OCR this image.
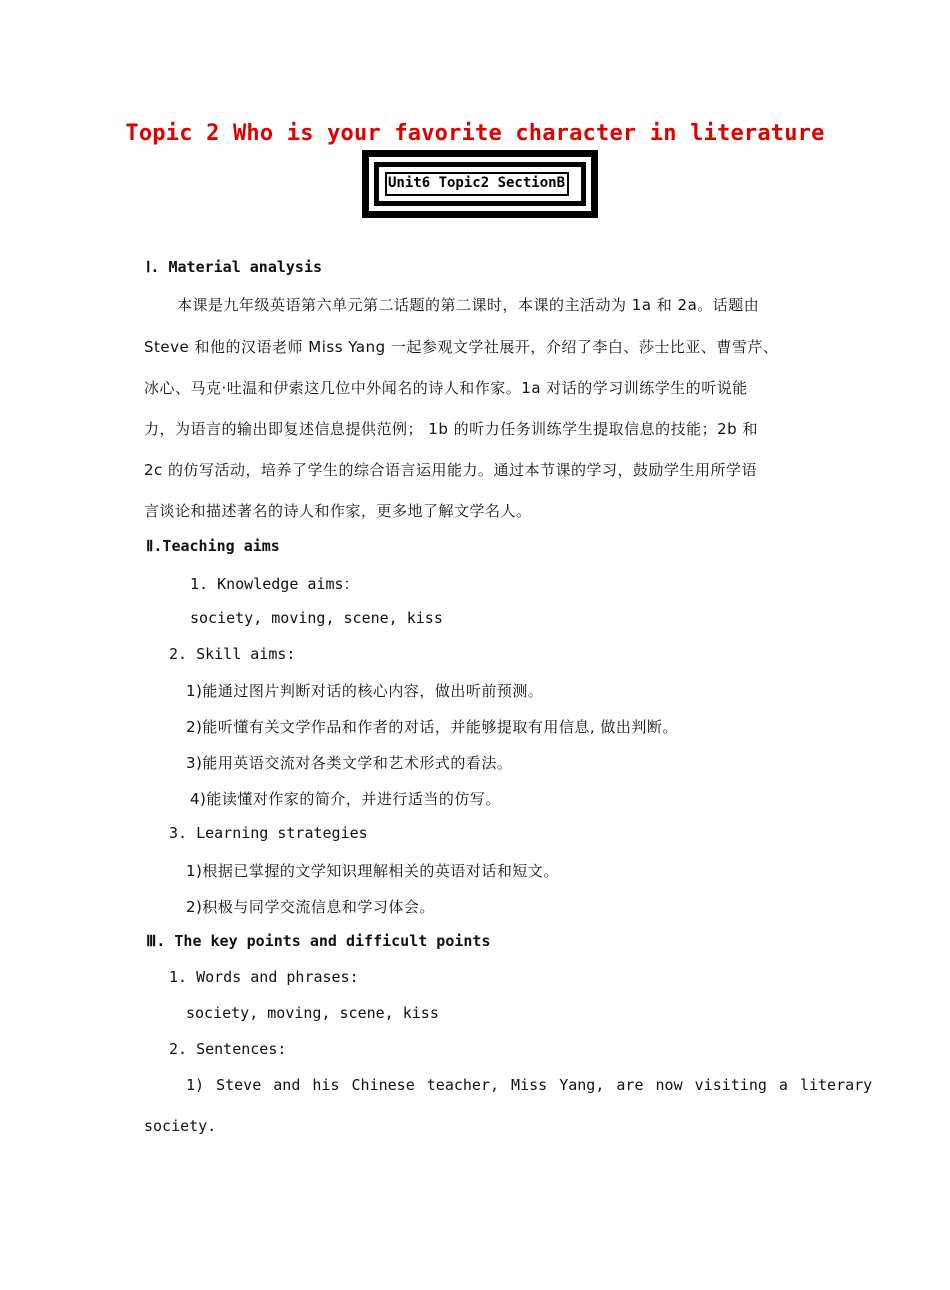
Topic 2 Who is your favorite character in literature
Unit6 Topic2 SectionB
Ⅰ. Material analysis
本课是九年级英语第六单元第二话题的第二课时，本课的主活动为 1a 和 2a。话题由
Steve 和他的汉语老师 Miss Yang 一起参观文学社展开，介绍了李白、莎士比亚、曹雪芹、
冰心、马克·吐温和伊索这几位中外闻名的诗人和作家。1a 对话的学习训练学生的听说能
力，为语言的输出即复述信息提供范例； 1b 的听力任务训练学生提取信息的技能；2b 和
2c 的仿写活动，培养了学生的综合语言运用能力。通过本节课的学习，鼓励学生用所学语
言谈论和描述著名的诗人和作家，更多地了解文学名人。
Ⅱ.Teaching aims
1. Knowledge aims：
society, moving, scene, kiss
2. Skill aims:
1)能通过图片判断对话的核心内容，做出听前预测。
2)能听懂有关文学作品和作者的对话，并能够提取有用信息, 做出判断。
3)能用英语交流对各类文学和艺术形式的看法。
4)能读懂对作家的简介，并进行适当的仿写。
3. Learning strategies
1)根据已掌握的文学知识理解相关的英语对话和短文。
2)积极与同学交流信息和学习体会。
Ⅲ. The key points and difficult points
1. Words and phrases:
society, moving, scene, kiss
2. Sentences:
1) Steve and his Chinese teacher, Miss Yang, are now visiting a literary
society.
